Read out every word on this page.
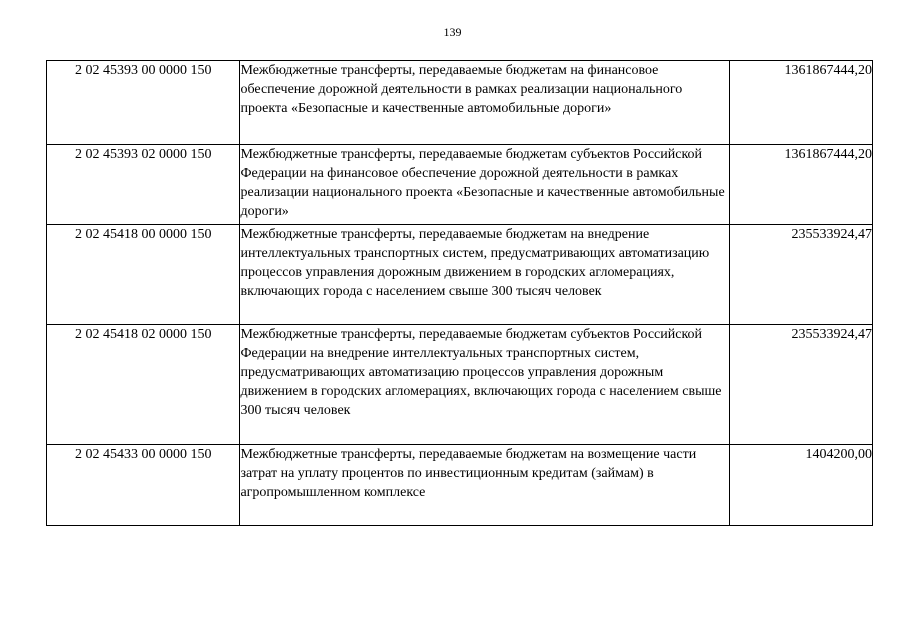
139
2 02 45393 00 0000 150	Межбюджетные трансферты, передаваемые бюджетам на финансовое обеспечение дорожной деятельности в рамках реализации национального проекта «Безопасные и качественные автомобильные дороги»	1361867444,20
2 02 45393 02 0000 150	Межбюджетные трансферты, передаваемые бюджетам субъектов Российской Федерации на финансовое обеспечение дорожной деятельности в рамках реализации национального проекта «Безопасные и качественные автомобильные дороги»	1361867444,20
2 02 45418 00 0000 150	Межбюджетные трансферты, передаваемые бюджетам на внедрение интеллектуальных транспортных систем, предусматривающих автоматизацию процессов управления дорожным движением в городских агломерациях, включающих города с населением свыше 300 тысяч человек	235533924,47
2 02 45418 02 0000 150	Межбюджетные трансферты, передаваемые бюджетам субъектов Российской Федерации на внедрение интеллектуальных транспортных систем, предусматривающих автоматизацию процессов управления дорожным движением в городских агломерациях, включающих города с населением свыше 300 тысяч человек	235533924,47
2 02 45433 00 0000 150	Межбюджетные трансферты, передаваемые бюджетам на возмещение части затрат на уплату процентов по инвестиционным кредитам (займам) в агропромышленном комплексе	1404200,00
